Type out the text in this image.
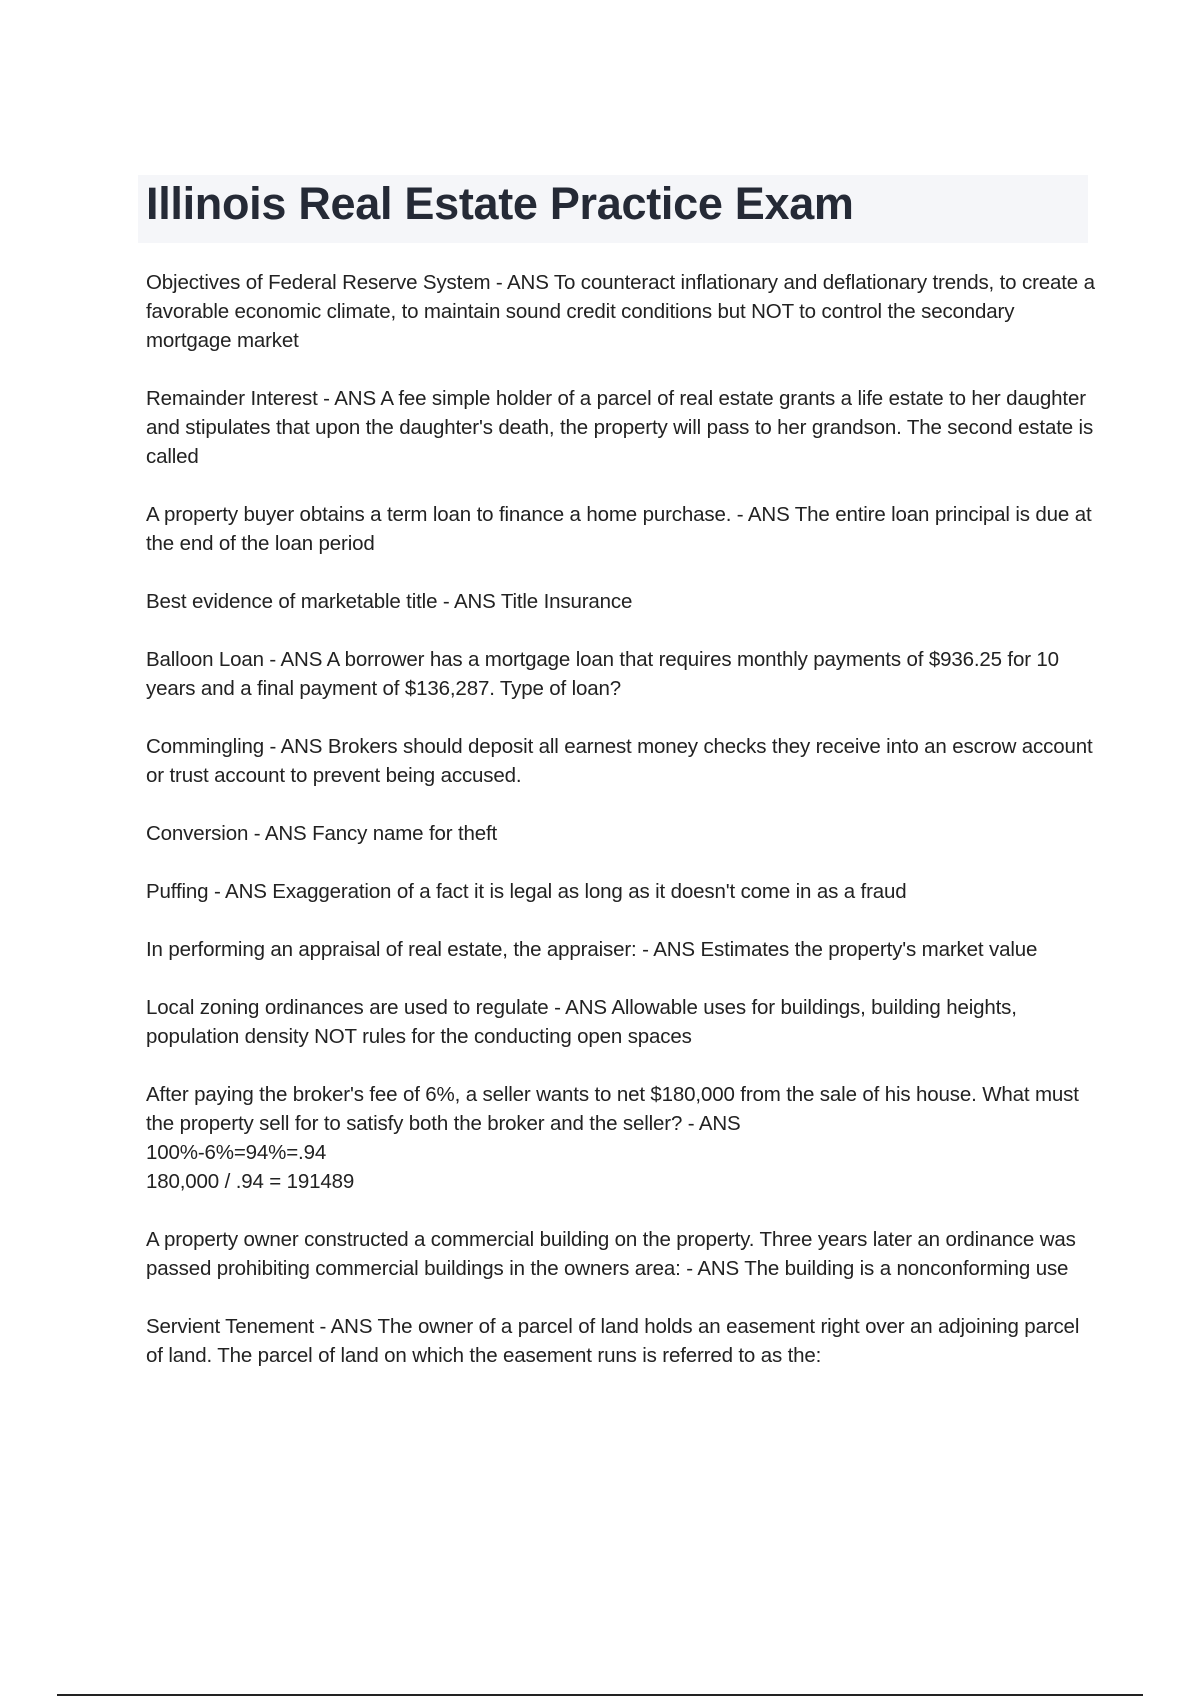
Illinois Real Estate Practice Exam

Objectives of Federal Reserve System - ANS To counteract inflationary and deflationary trends, to create a favorable economic climate, to maintain sound credit conditions but NOT to control the secondary mortgage market

Remainder Interest - ANS A fee simple holder of a parcel of real estate grants a life estate to her daughter and stipulates that upon the daughter's death, the property will pass to her grandson. The second estate is called

A property buyer obtains a term loan to finance a home purchase. - ANS The entire loan principal is due at the end of the loan period

Best evidence of marketable title - ANS Title Insurance

Balloon Loan - ANS A borrower has a mortgage loan that requires monthly payments of $936.25 for 10 years and a final payment of $136,287. Type of loan?

Commingling - ANS Brokers should deposit all earnest money checks they receive into an escrow account or trust account to prevent being accused.

Conversion - ANS Fancy name for theft

Puffing - ANS Exaggeration of a fact it is legal as long as it doesn't come in as a fraud

In performing an appraisal of real estate, the appraiser: - ANS Estimates the property's market value

Local zoning ordinances are used to regulate - ANS Allowable uses for buildings, building heights, population density NOT rules for the conducting open spaces

After paying the broker's fee of 6%, a seller wants to net $180,000 from the sale of his house. What must the property sell for to satisfy both the broker and the seller? - ANS
100%-6%=94%=.94
180,000 / .94 = 191489

A property owner constructed a commercial building on the property. Three years later an ordinance was passed prohibiting commercial buildings in the owners area: - ANS The building is a nonconforming use

Servient Tenement - ANS The owner of a parcel of land holds an easement right over an adjoining parcel of land. The parcel of land on which the easement runs is referred to as the:
